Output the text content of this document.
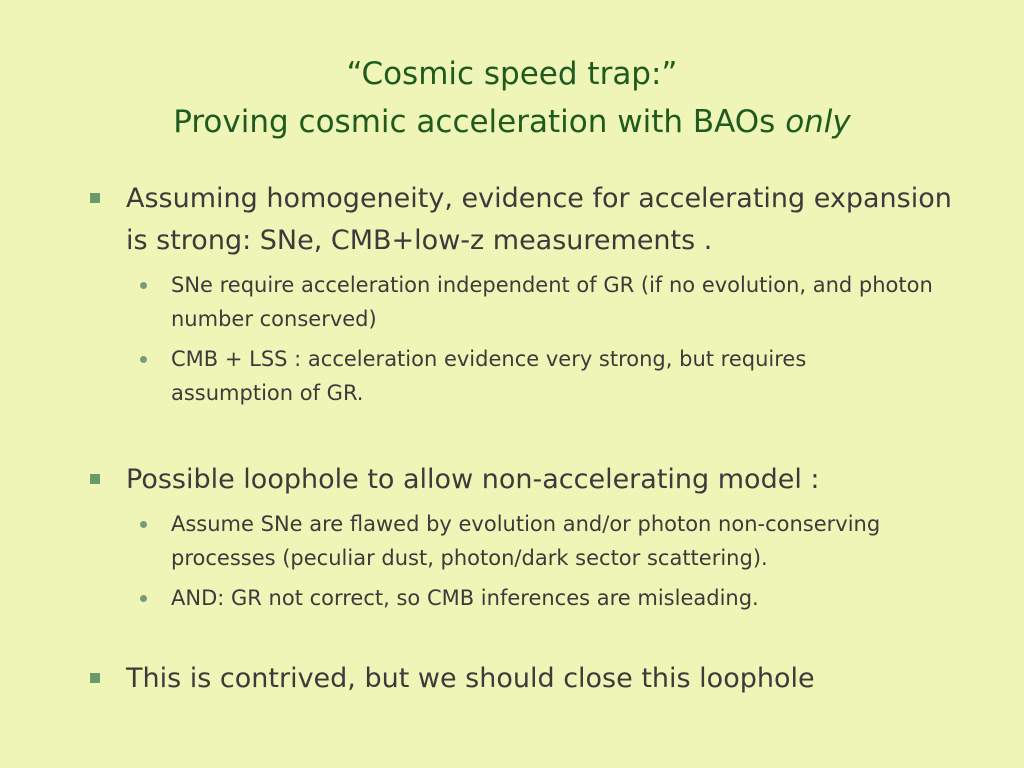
“Cosmic speed trap:”
Proving cosmic acceleration with BAOs only
Assuming homogeneity, evidence for accelerating expansion is strong: SNe, CMB+low-z measurements .
SNe require acceleration independent of GR (if no evolution, and photon number conserved)
CMB + LSS : acceleration evidence very strong, but requires assumption of GR.
Possible loophole to allow non-accelerating model :
Assume SNe are flawed by evolution and/or photon non-conserving processes (peculiar dust, photon/dark sector scattering).
AND: GR not correct, so CMB inferences are misleading.
This is contrived, but we should close this loophole
